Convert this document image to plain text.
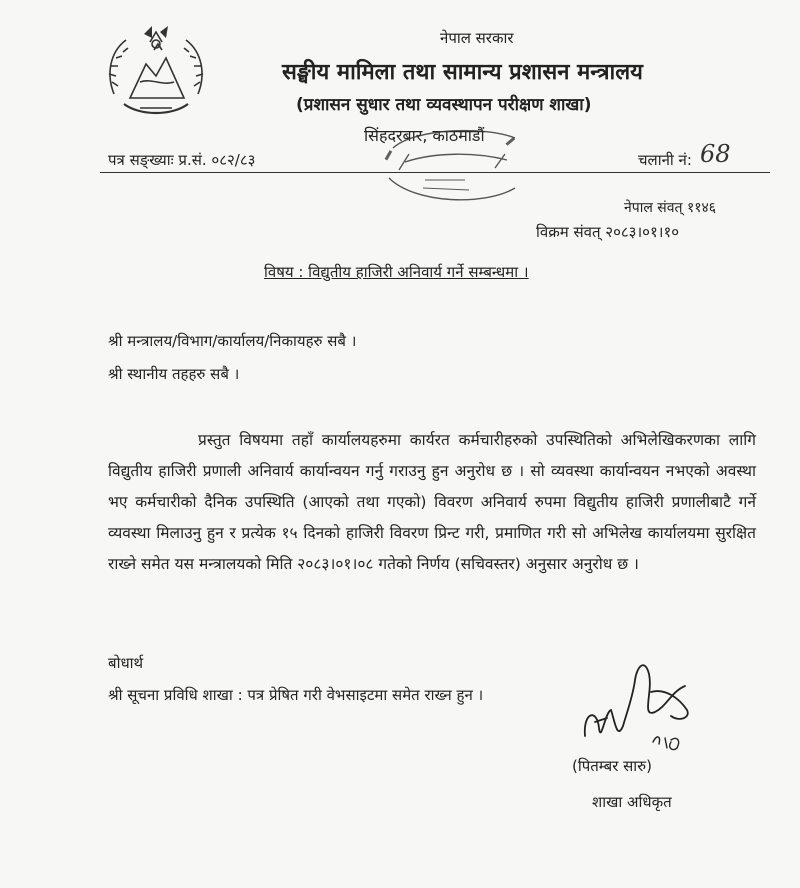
नेपाल सरकार
सङ्घीय मामिला तथा सामान्य प्रशासन मन्त्रालय
(प्रशासन सुधार तथा व्यवस्थापन परीक्षण शाखा)
सिंहदरबार, काठमाडौं
पत्र सङ्ख्याः प्र.सं. ०८२/८३	चलानी नं: 68
नेपाल संवत् ११४६
विक्रम संवत् २०८३।०१।१०
विषय : विद्युतीय हाजिरी अनिवार्य गर्ने सम्बन्धमा ।
श्री मन्त्रालय/विभाग/कार्यालय/निकायहरु सबै ।
श्री स्थानीय तहहरु सबै ।
प्रस्तुत विषयमा तहाँ कार्यालयहरुमा कार्यरत कर्मचारीहरुको उपस्थितिको अभिलेखिकरणका लागि विद्युतीय हाजिरी प्रणाली अनिवार्य कार्यान्वयन गर्नु गराउनु हुन अनुरोध छ । सो व्यवस्था कार्यान्वयन नभएको अवस्था भए कर्मचारीको दैनिक उपस्थिति (आएको तथा गएको) विवरण अनिवार्य रुपमा विद्युतीय हाजिरी प्रणालीबाटै गर्ने व्यवस्था मिलाउनु हुन र प्रत्येक १५ दिनको हाजिरी विवरण प्रिन्ट गरी, प्रमाणित गरी सो अभिलेख कार्यालयमा सुरक्षित राख्ने समेत यस मन्त्रालयको मिति २०८३।०१।०८ गतेको निर्णय (सचिवस्तर) अनुसार अनुरोध छ ।
बोधार्थ
श्री सूचना प्रविधि शाखा : पत्र प्रेषित गरी वेभसाइटमा समेत राख्न हुन ।
(पितम्बर सारु)
शाखा अधिकृत
